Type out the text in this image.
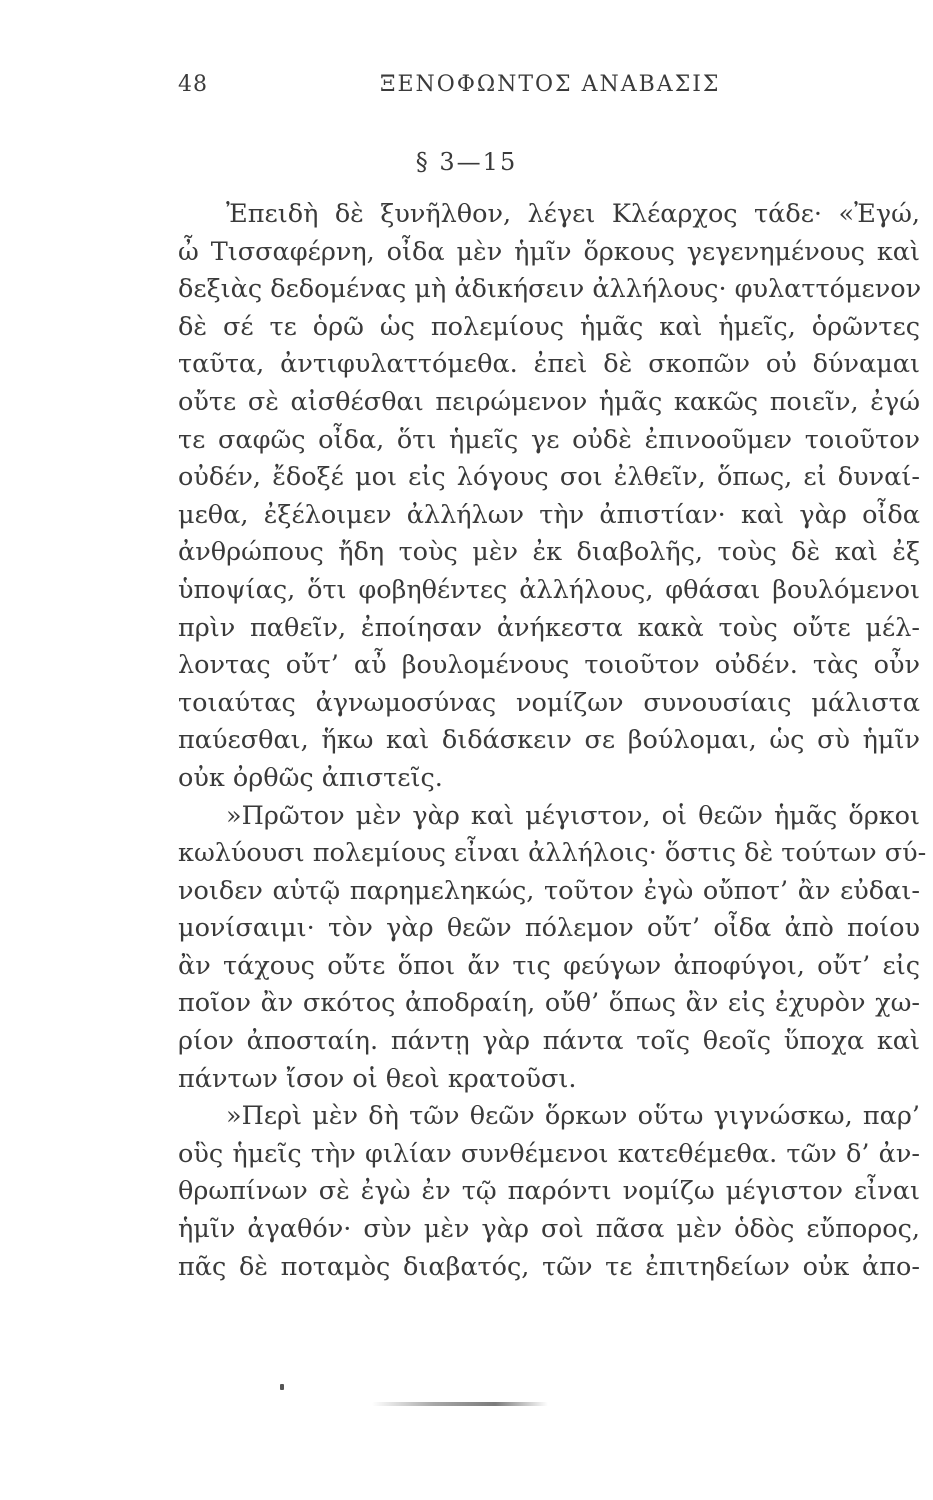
48	ΞΕΝΟΦΩΝΤΟΣ ΑΝΑΒΑΣΙΣ
§ 3—15
Ἐπειδὴ δὲ ξυνῆλθον, λέγει Κλέαρχος τάδε· «Ἐγώ,
ὦ Τισσαφέρνη, οἶδα μὲν ἡμῖν ὅρκους γεγενημένους καὶ
δεξιὰς δεδομένας μὴ ἀδικήσειν ἀλλήλους· φυλαττόμενον
δὲ σέ τε ὁρῶ ὡς πολεμίους ἡμᾶς καὶ ἡμεῖς, ὁρῶντες
ταῦτα, ἀντιφυλαττόμεθα. ἐπεὶ δὲ σκοπῶν οὐ δύναμαι
οὔτε σὲ αἰσθέσθαι πειρώμενον ἡμᾶς κακῶς ποιεῖν, ἐγώ
τε σαφῶς οἶδα, ὅτι ἡμεῖς γε οὐδὲ ἐπινοοῦμεν τοιοῦτον
οὐδέν, ἔδοξέ μοι εἰς λόγους σοι ἐλθεῖν, ὅπως, εἰ δυναί-
μεθα, ἐξέλοιμεν ἀλλήλων τὴν ἀπιστίαν· καὶ γὰρ οἶδα
ἀνθρώπους ἤδη τοὺς μὲν ἐκ διαβολῆς, τοὺς δὲ καὶ ἐξ
ὑποψίας, ὅτι φοβηθέντες ἀλλήλους, φθάσαι βουλόμενοι
πρὶν παθεῖν, ἐποίησαν ἀνήκεστα κακὰ τοὺς οὔτε μέλ-
λοντας οὔτ’ αὖ βουλομένους τοιοῦτον οὐδέν. τὰς οὖν
τοιαύτας ἀγνωμοσύνας νομίζων συνουσίαις μάλιστα
παύεσθαι, ἥκω καὶ διδάσκειν σε βούλομαι, ὡς σὺ ἡμῖν
οὐκ ὀρθῶς ἀπιστεῖς.
»Πρῶτον μὲν γὰρ καὶ μέγιστον, οἱ θεῶν ἡμᾶς ὅρκοι
κωλύουσι πολεμίους εἶναι ἀλλήλοις· ὅστις δὲ τούτων σύ-
νοιδεν αὑτῷ παρημεληκώς, τοῦτον ἐγὼ οὔποτ’ ἂν εὐδαι-
μονίσαιμι· τὸν γὰρ θεῶν πόλεμον οὔτ’ οἶδα ἀπὸ ποίου
ἂν τάχους οὔτε ὅποι ἄν τις φεύγων ἀποφύγοι, οὔτ’ εἰς
ποῖον ἂν σκότος ἀποδραίη, οὔθ’ ὅπως ἂν εἰς ἐχυρὸν χω-
ρίον ἀποσταίη. πάντῃ γὰρ πάντα τοῖς θεοῖς ὕποχα καὶ
πάντων ἴσον οἱ θεοὶ κρατοῦσι.
»Περὶ μὲν δὴ τῶν θεῶν ὅρκων οὕτω γιγνώσκω, παρ’
οὓς ἡμεῖς τὴν φιλίαν συνθέμενοι κατεθέμεθα. τῶν δ’ ἀν-
θρωπίνων σὲ ἐγὼ ἐν τῷ παρόντι νομίζω μέγιστον εἶναι
ἡμῖν ἀγαθόν· σὺν μὲν γὰρ σοὶ πᾶσα μὲν ὁδὸς εὔπορος,
πᾶς δὲ ποταμὸς διαβατός, τῶν τε ἐπιτηδείων οὐκ ἀπο-
